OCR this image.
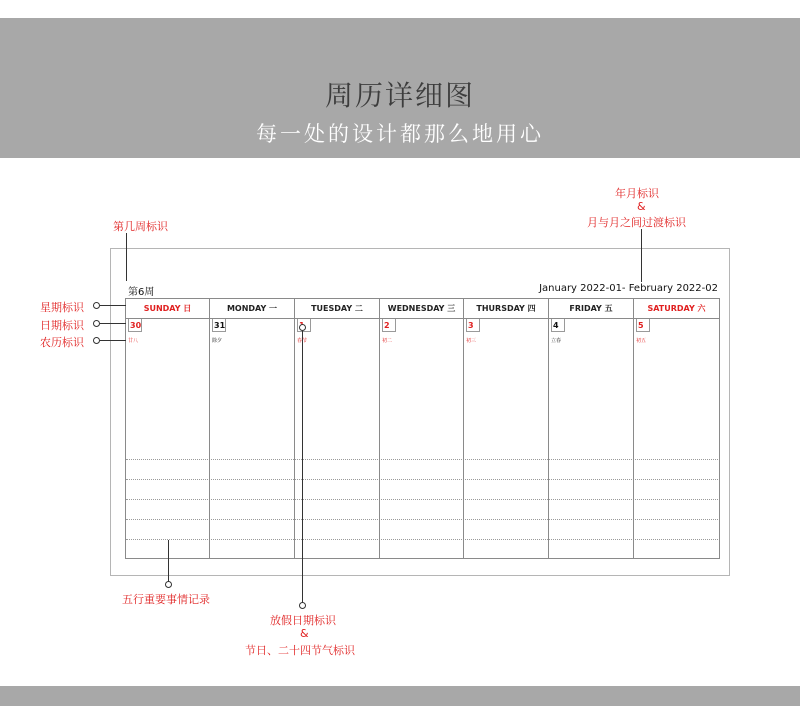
周历详细图
每一处的设计都那么地用心
第6周	January 2022-01- February 2022-02
SUNDAY 日
30
廿八
MONDAY 一
31
除夕
TUESDAY 二
春节
WEDNESDAY 三
2
初二
THURSDAY 四
3
初三
FRIDAY 五
4
立春
SATURDAY 六
5
初五
第几周标识
年月标识
&
月与月之间过渡标识
星期标识
日期标识
农历标识
五行重要事情记录
放假日期标识
&
节日、二十四节气标识
